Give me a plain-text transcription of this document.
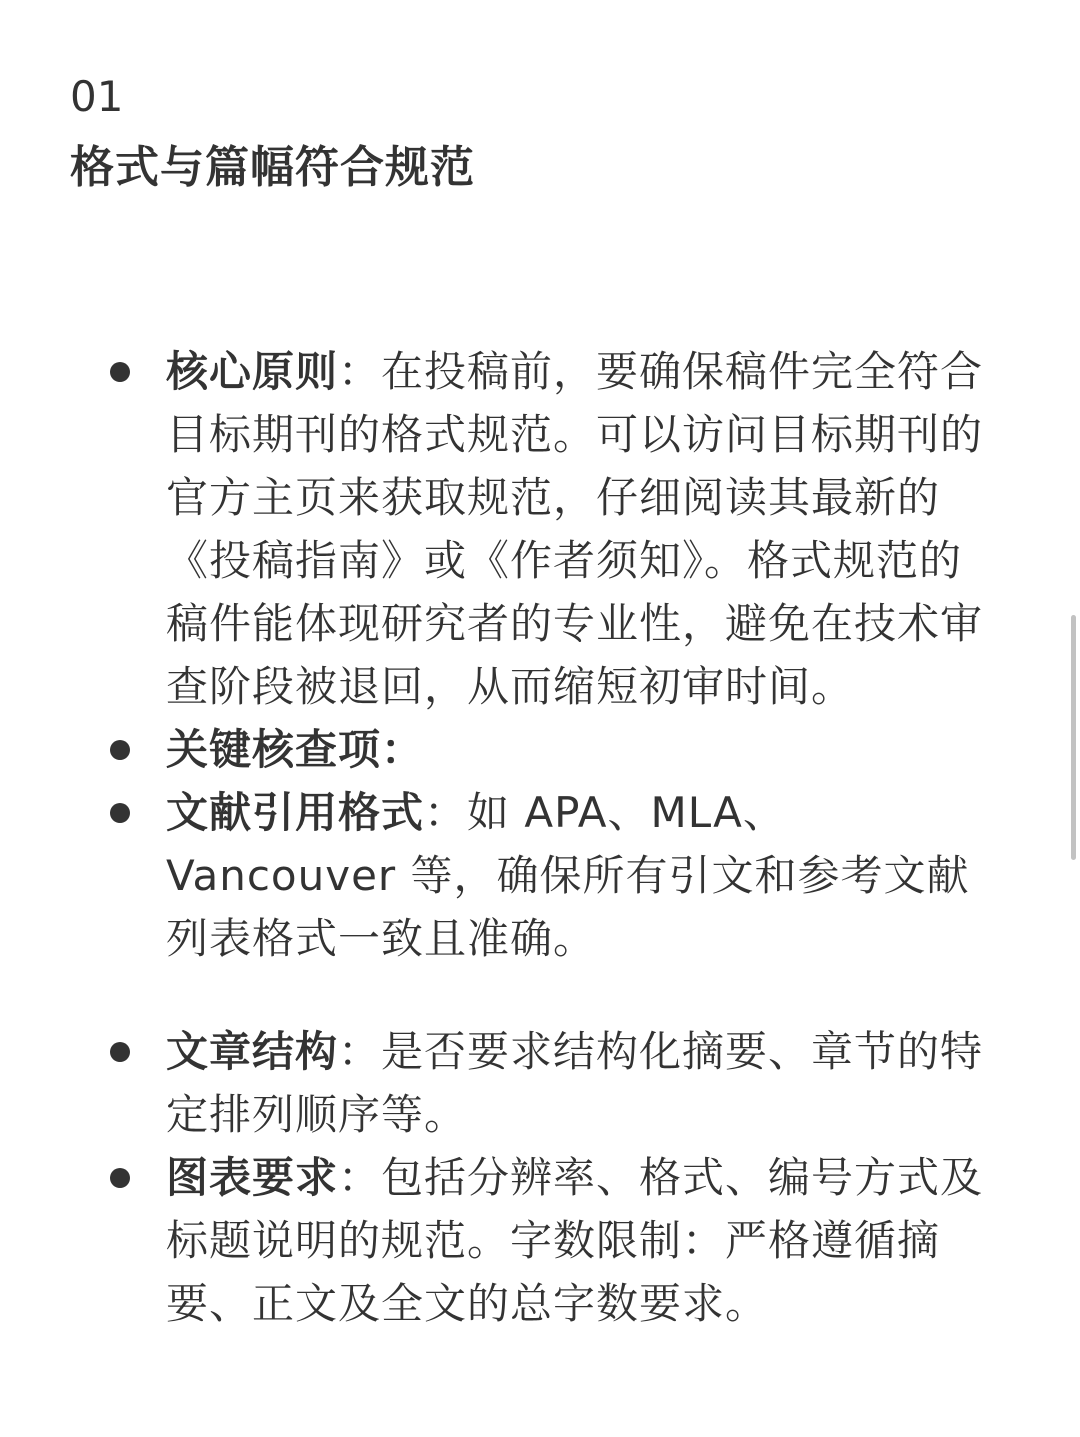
01
格式与篇幅符合规范
核心原则：在投稿前，要确保稿件完全符合目标期刊的格式规范。可以访问目标期刊的官方主页来获取规范，仔细阅读其最新的《投稿指南》或《作者须知》。格式规范的稿件能体现研究者的专业性，避免在技术审查阶段被退回，从而缩短初审时间。
关键核查项：
文献引用格式：如 APA、MLA、Vancouver 等，确保所有引文和参考文献列表格式一致且准确。
文章结构：是否要求结构化摘要、章节的特定排列顺序等。
图表要求：包括分辨率、格式、编号方式及标题说明的规范。字数限制：严格遵循摘要、正文及全文的总字数要求。
